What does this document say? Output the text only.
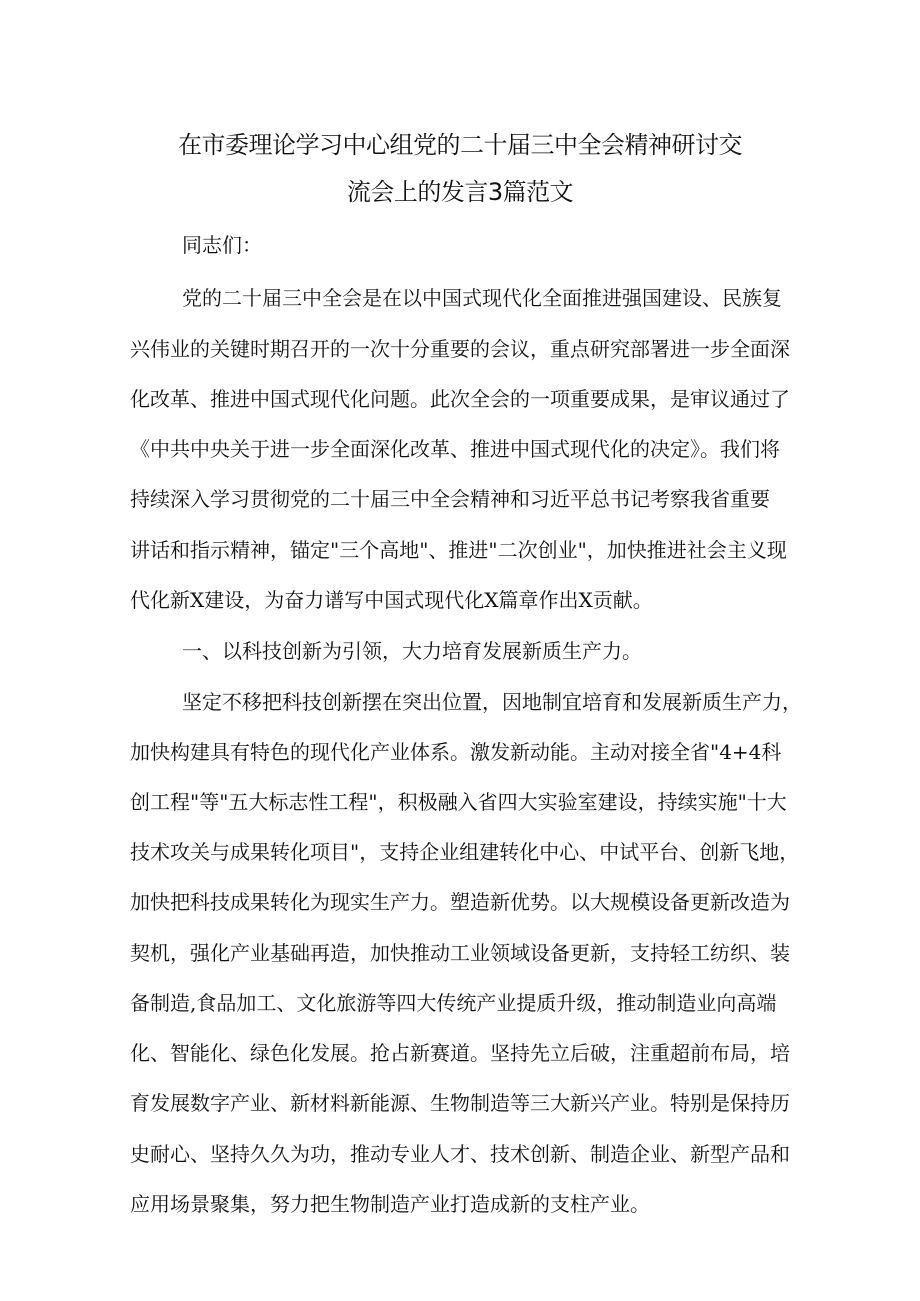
在市委理论学习中心组党的二十届三中全会精神研讨交
流会上的发言3篇范文
同志们：
党的二十届三中全会是在以中国式现代化全面推进强国建设、民族复
兴伟业的关键时期召开的一次十分重要的会议，重点研究部署进一步全面深
化改革、推进中国式现代化问题。此次全会的一项重要成果，是审议通过了
《中共中央关于进一步全面深化改革、推进中国式现代化的决定》。我们将
持续深入学习贯彻党的二十届三中全会精神和习近平总书记考察我省重要
讲话和指示精神，锚定"三个高地"、推进"二次创业"，加快推进社会主义现
代化新X建设，为奋力谱写中国式现代化X篇章作出X贡献。
一、以科技创新为引领，大力培育发展新质生产力。
坚定不移把科技创新摆在突出位置，因地制宜培育和发展新质生产力，
加快构建具有特色的现代化产业体系。激发新动能。主动对接全省"4+4科
创工程"等"五大标志性工程"，积极融入省四大实验室建设，持续实施"十大
技术攻关与成果转化项目"，支持企业组建转化中心、中试平台、创新飞地，
加快把科技成果转化为现实生产力。塑造新优势。以大规模设备更新改造为
契机，强化产业基础再造，加快推动工业领域设备更新，支持轻工纺织、装
备制造,食品加工、文化旅游等四大传统产业提质升级，推动制造业向高端
化、智能化、绿色化发展。抢占新赛道。坚持先立后破，注重超前布局，培
育发展数字产业、新材料新能源、生物制造等三大新兴产业。特别是保持历
史耐心、坚持久久为功，推动专业人才、技术创新、制造企业、新型产品和
应用场景聚集，努力把生物制造产业打造成新的支柱产业。
